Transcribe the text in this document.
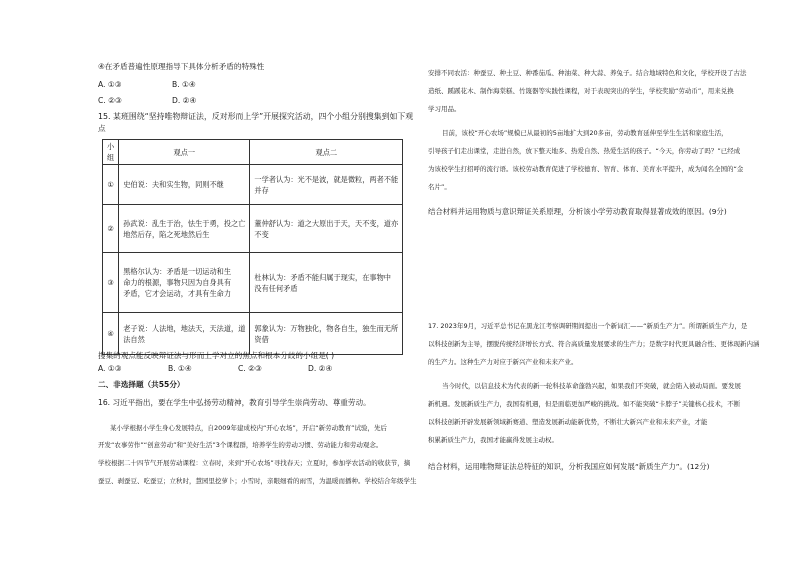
④在矛盾普遍性原理指导下具体分析矛盾的特殊性
A. ①③	B. ①④
C. ②③	D. ②④
15. 某班围绕“坚持唯物辩证法，反对形而上学”开展探究活动，四个小组分别搜集到如下观
点
小组	观点一	观点二
①	史伯说：夫和实生物，同则不继	一学者认为：光不是波，就是微粒，两者不能
并存

②	孙武说：乱生于治，怯生于勇，投之亡
地然后存，陷之死地然后生	董仲舒认为：道之大原出于天，天不变，道亦
不变

③	黑格尔认为：矛盾是一切运动和生
命力的根源，事物只因为自身具有
矛盾，它才会运动，才具有生命力	杜林认为：矛盾不能归属于现实，在事物中
没有任何矛盾

④	老子说：人法地，地法天，天法道，道
法自然	郭象认为：万物独化，物各自生，独生而无所
资借
搜集的观点能反映辩证法与形而上学对立的焦点和根本分歧的小组是( )
A. ①③	B. ①④	C. ②③	D. ②④
二、非选择题（共55分）
16. 习近平指出，要在学生中弘扬劳动精神，教育引导学生崇尚劳动、尊重劳动。
某小学根据小学生身心发展特点，自2009年建成校内“开心农场”，开启“新劳动教育”试验，先后
开发“农事劳作”“创意劳动”和“美好生活”3个课程群，培养学生的劳动习惯、劳动能力和劳动观念。
学校根据二十四节气开展劳动课程：立春时，来到“开心农场”寻找春天；立夏时，参加学农活动的收获节，摘
蚕豆、剥蚕豆、吃蚕豆；立秋时，慧园里挖萝卜；小雪时，亲眼细看的雨雪，为温暖而播种。学校结合年级学生
安排不同农活：种蚕豆、种土豆、种番茄瓜、种油菜、种大蒜、养兔子。结合地域特色和文化，学校开设了古法
造纸、蹊蹊花木、制作海棠糕、竹篾器等实践性课程，对于表现突出的学生，学校奖励“劳动币”，用来兑换
学习用品。
目前，该校“开心农场”规模已从最初的5亩地扩大到20多亩，劳动教育延伸至学生生活和家庭生活，
引导孩子们走出课堂，走进自然，放下整天地多、热爱自然、热爱生活的孩子。“今天，你劳动了吗？”已经成
为该校学生打招呼的流行语。该校劳动教育促进了学校德育、智育、体育、美育水平提升，成为闻名全国的“金
名片”。
结合材料并运用物质与意识辩证关系原理，分析该小学劳动教育取得显著成效的原因。(9分)
17. 2023年9月，习近平总书记在黑龙江考察调研期间提出一个新词汇——“新质生产力”。所谓新质生产力，是
以科技创新为主导，摆脱传统经济增长方式、符合高质量发展要求的生产力；是数字时代更具融合性、更体现新内涵
的生产力。这种生产力对应于新兴产业和未来产业。
当今时代，以信息技术为代表的新一轮科技革命蓬勃兴起，如果我们不突破，就会陷入被动局面。要发展
新机遇。发展新质生产力，我国有机遇，但是面临更加严峻的挑战。如不能突破“卡脖子”关键核心技术，不断
以科技创新开辟发展新领域新赛道、塑造发展新动能新优势，不断壮大新兴产业和未来产业，才能
积累新质生产力，我国才能赢得发展主动权。
结合材料，运用唯物辩证法总特征的知识，分析我国应如何发展“新质生产力”。(12分)
